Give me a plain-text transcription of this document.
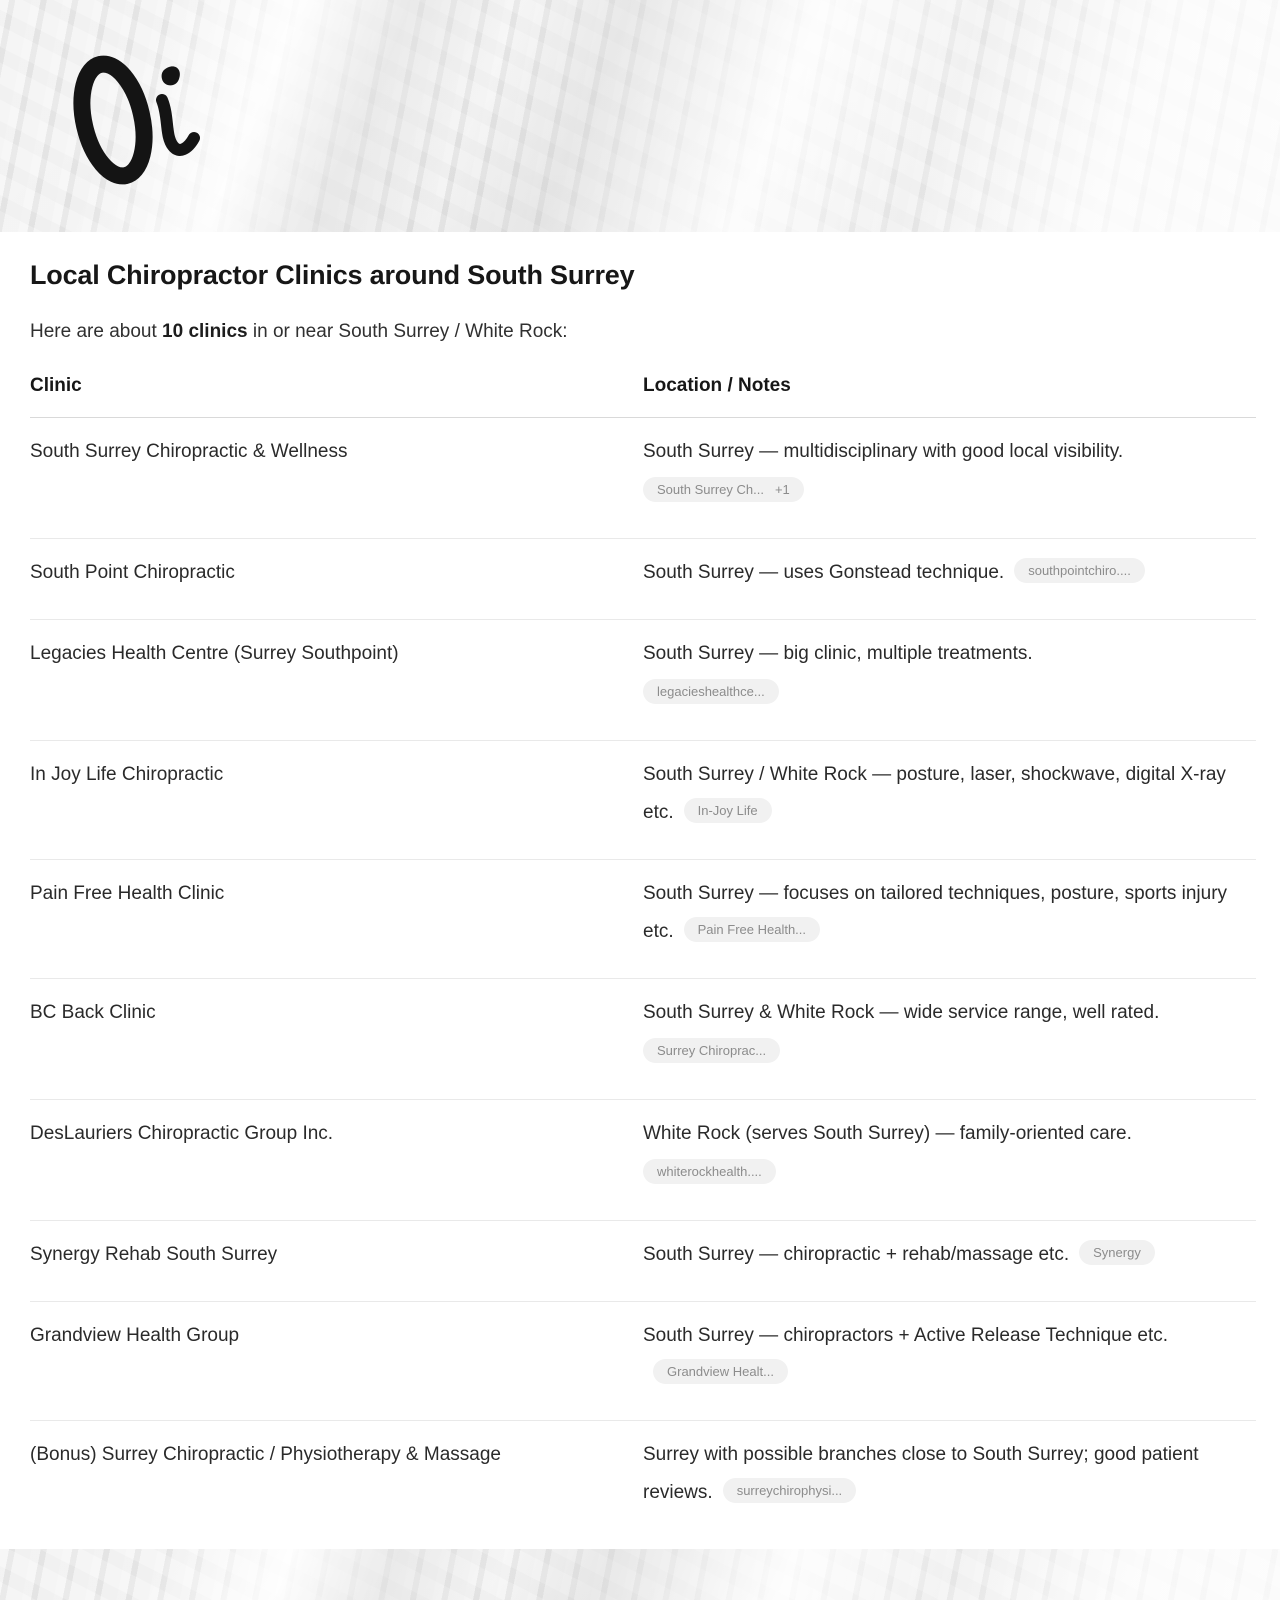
Local Chiropractor Clinics around South Surrey

Here are about 10 clinics in or near South Surrey / White Rock:

Clinic	Location / Notes
South Surrey Chiropractic & Wellness	South Surrey — multidisciplinary with good local visibility.
South Surrey Ch... +1
South Point Chiropractic	South Surrey — uses Gonstead technique. southpointchiro....
Legacies Health Centre (Surrey Southpoint)	South Surrey — big clinic, multiple treatments.
legacieshealthce...
In Joy Life Chiropractic	South Surrey / White Rock — posture, laser, shockwave, digital X-ray etc. In-Joy Life
Pain Free Health Clinic	South Surrey — focuses on tailored techniques, posture, sports injury etc. Pain Free Health...
BC Back Clinic	South Surrey & White Rock — wide service range, well rated.
Surrey Chiroprac...
DesLauriers Chiropractic Group Inc.	White Rock (serves South Surrey) — family-oriented care.
whiterockhealth....
Synergy Rehab South Surrey	South Surrey — chiropractic + rehab/massage etc. Synergy
Grandview Health Group	South Surrey — chiropractors + Active Release Technique etc.
Grandview Healt...
(Bonus) Surrey Chiropractic / Physiotherapy & Massage	Surrey with possible branches close to South Surrey; good patient reviews. surreychirophysi...
